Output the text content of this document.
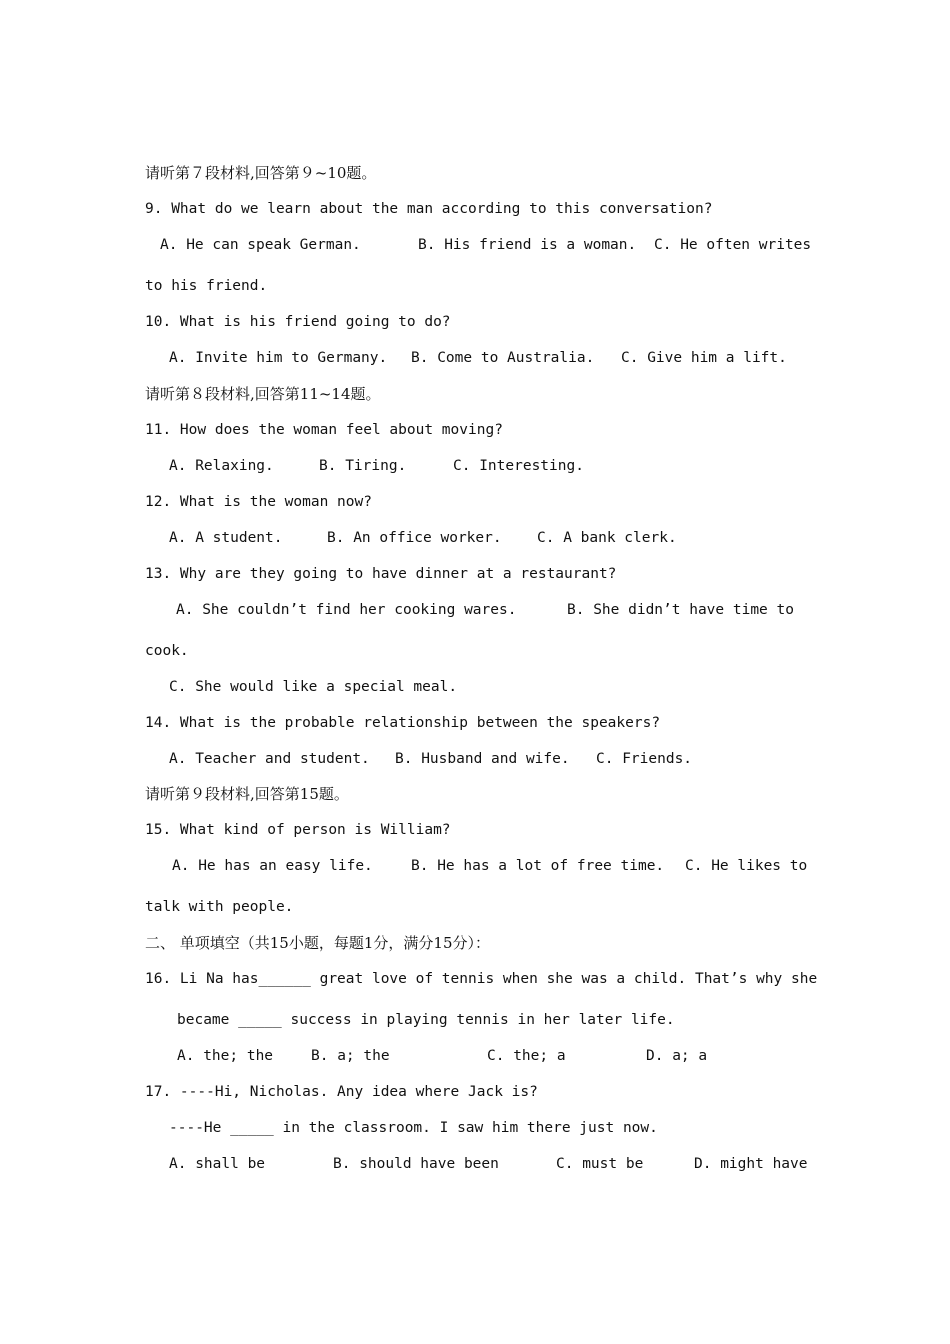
请听第７段材料,回答第９~10题。
9. What do we learn about the man according to this conversation?
A. He can speak German.	B. His friend is a woman. C. He often writes
to his friend.
10. What is his friend going to do?
A. Invite him to Germany. B. Come to Australia. C. Give him a lift.
请听第８段材料,回答第11~14题。
11. How does the woman feel about moving?
A. Relaxing.	B. Tiring.	C. Interesting.
12. What is the woman now?
A. A student.	B. An office worker. C. A bank clerk.
13. Why are they going to have dinner at a restaurant?
A. She couldn’t find her cooking wares.	B. She didn’t have time to
cook.
C. She would like a special meal.
14. What is the probable relationship between the speakers?
A. Teacher and student. B. Husband and wife. C. Friends.
请听第９段材料,回答第15题。
15. What kind of person is William?
A. He has an easy life.	B. He has a lot of free time. C. He likes to
talk with people.
二、 单项填空（共15小题，每题1分，满分15分）：
16. Li Na has______ great love of tennis when she was a child. That’s why she
became _____ success in playing tennis in her later life.
A. the; the	B. a; the	C. the; a	D. a; a
17. ----Hi, Nicholas. Any idea where Jack is?
----He _____ in the classroom. I saw him there just now.
A. shall be	B. should have been	C. must be	D. might have
